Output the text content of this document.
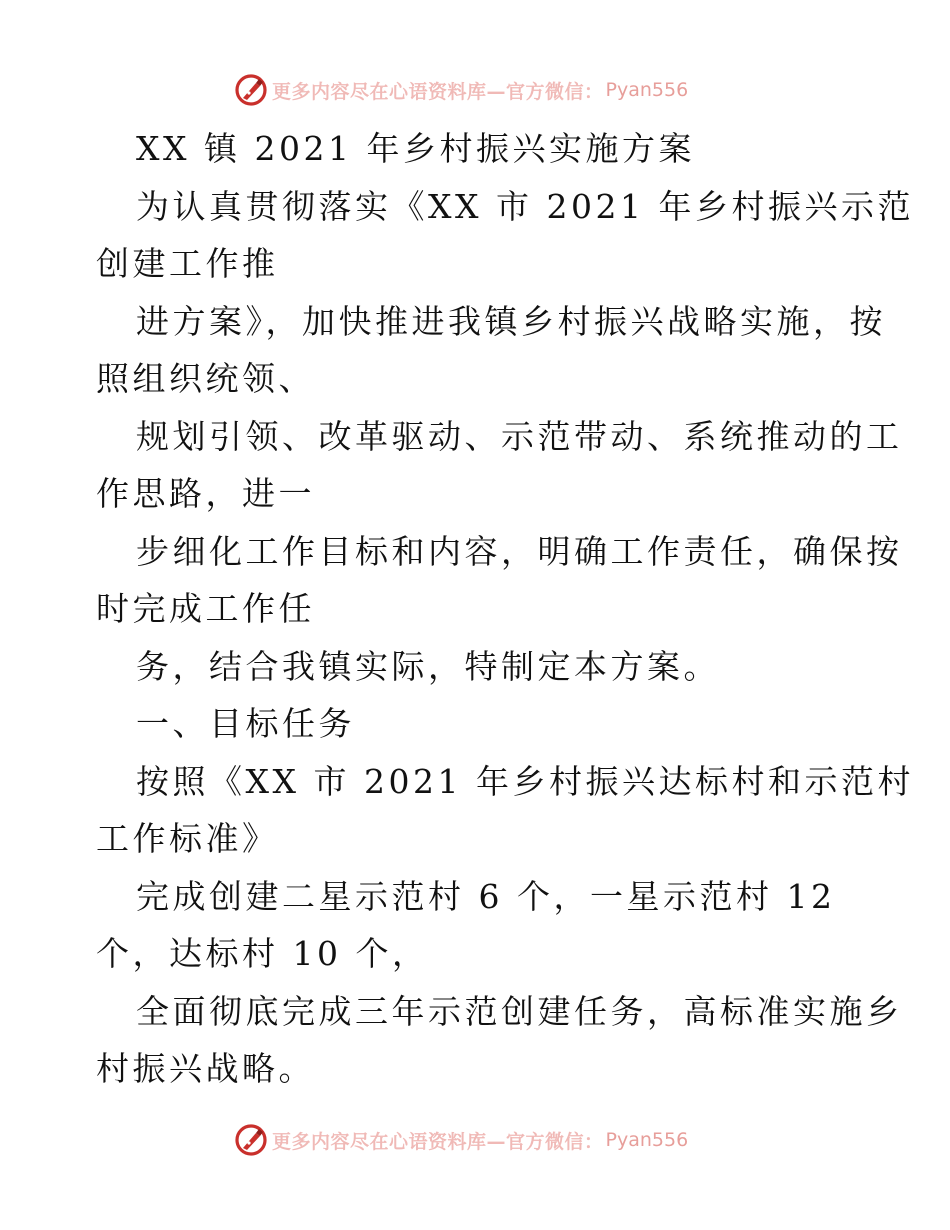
更多内容尽在心语资料库—官方微信： Pyan556

XX 镇 2021 年乡村振兴实施方案

为认真贯彻落实《XX 市 2021 年乡村振兴示范

创建工作推

进方案》，加快推进我镇乡村振兴战略实施，按

照组织统领、

规划引领、改革驱动、示范带动、系统推动的工

作思路，进一

步细化工作目标和内容，明确工作责任，确保按

时完成工作任

务，结合我镇实际，特制定本方案。

一、目标任务

按照《XX 市 2021 年乡村振兴达标村和示范村

工作标准》

完成创建二星示范村 6 个，一星示范村 12

个，达标村 10 个，

全面彻底完成三年示范创建任务，高标准实施乡

村振兴战略。

更多内容尽在心语资料库—官方微信： Pyan556
